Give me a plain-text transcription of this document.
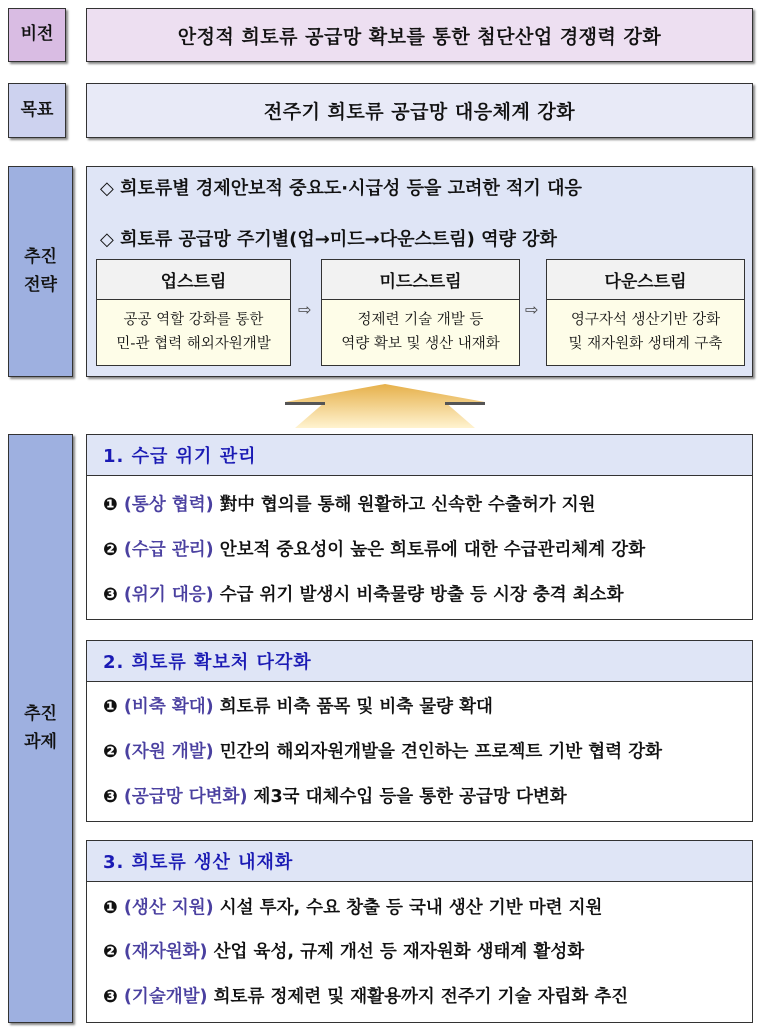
비전	안정적 희토류 공급망 확보를 통한 첨단산업 경쟁력 강화
목표	전주기 희토류 공급망 대응체계 강화
추진
전략
◇ 희토류별 경제안보적 중요도·시급성 등을 고려한 적기 대응
◇ 희토류 공급망 주기별(업→미드→다운스트림) 역량 강화
업스트림
공공 역할 강화를 통한
민-관 협력 해외자원개발
⇨
미드스트림
정제련 기술 개발 등
역량 확보 및 생산 내재화
⇨
다운스트림
영구자석 생산기반 강화
및 재자원화 생태계 구축
추진
과제
1. 수급 위기 관리
❶ (통상 협력) 對中 협의를 통해 원활하고 신속한 수출허가 지원
❷ (수급 관리) 안보적 중요성이 높은 희토류에 대한 수급관리체계 강화
❸ (위기 대응) 수급 위기 발생시 비축물량 방출 등 시장 충격 최소화
2. 희토류 확보처 다각화
❶ (비축 확대) 희토류 비축 품목 및 비축 물량 확대
❷ (자원 개발) 민간의 해외자원개발을 견인하는 프로젝트 기반 협력 강화
❸ (공급망 다변화) 제3국 대체수입 등을 통한 공급망 다변화
3. 희토류 생산 내재화
❶ (생산 지원) 시설 투자, 수요 창출 등 국내 생산 기반 마련 지원
❷ (재자원화) 산업 육성, 규제 개선 등 재자원화 생태계 활성화
❸ (기술개발) 희토류 정제련 및 재활용까지 전주기 기술 자립화 추진
